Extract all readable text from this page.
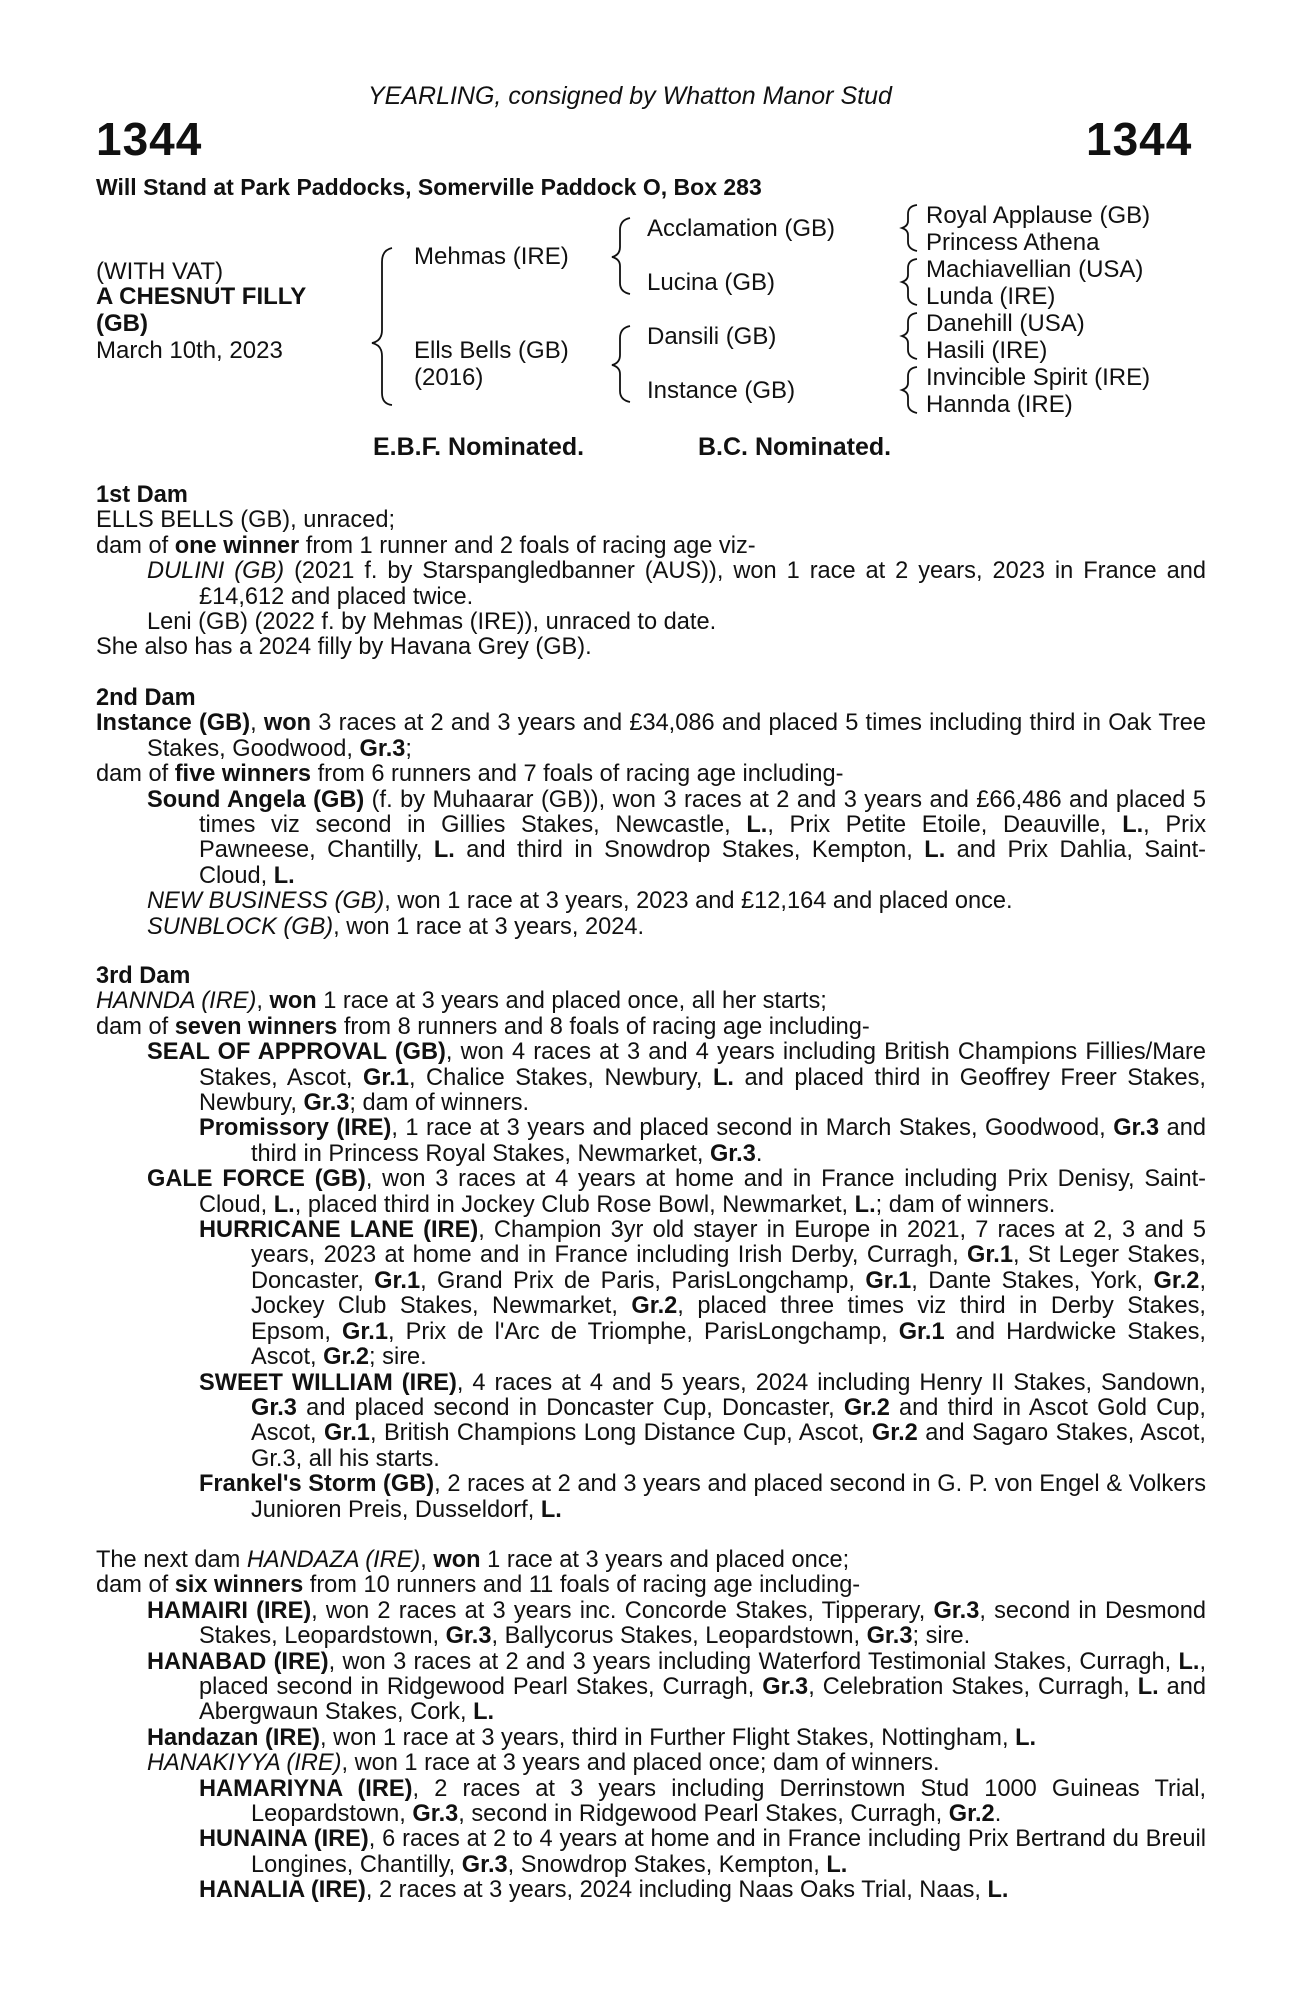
YEARLING, consigned by Whatton Manor Stud
1344	1344
Will Stand at Park Paddocks, Somerville Paddock O, Box 283
(WITH VAT)
A CHESNUT FILLY
(GB)
March 10th, 2023
Mehmas (IRE)
Ells Bells (GB)
(2016)
Acclamation (GB)
Lucina (GB)
Dansili (GB)
Instance (GB)
Royal Applause (GB)
Princess Athena
Machiavellian (USA)
Lunda (IRE)
Danehill (USA)
Hasili (IRE)
Invincible Spirit (IRE)
Hannda (IRE)
E.B.F. Nominated.	B.C. Nominated.

1st Dam

ELLS BELLS (GB), unraced;

dam of one winner from 1 runner and 2 foals of racing age viz-

DULINI (GB) (2021 f. by Starspangledbanner (AUS)), won 1 race at 2 years, 2023 in France and £14,612 and placed twice.

Leni (GB) (2022 f. by Mehmas (IRE)), unraced to date.

She also has a 2024 filly by Havana Grey (GB).

2nd Dam

Instance (GB), won 3 races at 2 and 3 years and £34,086 and placed 5 times including third in Oak Tree Stakes, Goodwood, Gr.3;

dam of five winners from 6 runners and 7 foals of racing age including-

Sound Angela (GB) (f. by Muhaarar (GB)), won 3 races at 2 and 3 years and £66,486 and placed 5 times viz second in Gillies Stakes, Newcastle, L., Prix Petite Etoile, Deauville, L., Prix Pawneese, Chantilly, L. and third in Snowdrop Stakes, Kempton, L. and Prix Dahlia, Saint-Cloud, L.

NEW BUSINESS (GB), won 1 race at 3 years, 2023 and £12,164 and placed once.

SUNBLOCK (GB), won 1 race at 3 years, 2024.

3rd Dam

HANNDA (IRE), won 1 race at 3 years and placed once, all her starts;

dam of seven winners from 8 runners and 8 foals of racing age including-

SEAL OF APPROVAL (GB), won 4 races at 3 and 4 years including British Champions Fillies/Mare Stakes, Ascot, Gr.1, Chalice Stakes, Newbury, L. and placed third in Geoffrey Freer Stakes, Newbury, Gr.3; dam of winners.

Promissory (IRE), 1 race at 3 years and placed second in March Stakes, Goodwood, Gr.3 and third in Princess Royal Stakes, Newmarket, Gr.3.

GALE FORCE (GB), won 3 races at 4 years at home and in France including Prix Denisy, Saint-Cloud, L., placed third in Jockey Club Rose Bowl, Newmarket, L.; dam of winners.

HURRICANE LANE (IRE), Champion 3yr old stayer in Europe in 2021, 7 races at 2, 3 and 5 years, 2023 at home and in France including Irish Derby, Curragh, Gr.1, St Leger Stakes, Doncaster, Gr.1, Grand Prix de Paris, ParisLongchamp, Gr.1, Dante Stakes, York, Gr.2, Jockey Club Stakes, Newmarket, Gr.2, placed three times viz third in Derby Stakes, Epsom, Gr.1, Prix de l'Arc de Triomphe, ParisLongchamp, Gr.1 and Hardwicke Stakes, Ascot, Gr.2; sire.

SWEET WILLIAM (IRE), 4 races at 4 and 5 years, 2024 including Henry II Stakes, Sandown, Gr.3 and placed second in Doncaster Cup, Doncaster, Gr.2 and third in Ascot Gold Cup, Ascot, Gr.1, British Champions Long Distance Cup, Ascot, Gr.2 and Sagaro Stakes, Ascot, Gr.3, all his starts.

Frankel's Storm (GB), 2 races at 2 and 3 years and placed second in G. P. von Engel & Volkers Junioren Preis, Dusseldorf, L.

The next dam HANDAZA (IRE), won 1 race at 3 years and placed once;

dam of six winners from 10 runners and 11 foals of racing age including-

HAMAIRI (IRE), won 2 races at 3 years inc. Concorde Stakes, Tipperary, Gr.3, second in Desmond Stakes, Leopardstown, Gr.3, Ballycorus Stakes, Leopardstown, Gr.3; sire.

HANABAD (IRE), won 3 races at 2 and 3 years including Waterford Testimonial Stakes, Curragh, L., placed second in Ridgewood Pearl Stakes, Curragh, Gr.3, Celebration Stakes, Curragh, L. and Abergwaun Stakes, Cork, L.

Handazan (IRE), won 1 race at 3 years, third in Further Flight Stakes, Nottingham, L.

HANAKIYYA (IRE), won 1 race at 3 years and placed once; dam of winners.

HAMARIYNA (IRE), 2 races at 3 years including Derrinstown Stud 1000 Guineas Trial, Leopardstown, Gr.3, second in Ridgewood Pearl Stakes, Curragh, Gr.2.

HUNAINA (IRE), 6 races at 2 to 4 years at home and in France including Prix Bertrand du Breuil Longines, Chantilly, Gr.3, Snowdrop Stakes, Kempton, L.

HANALIA (IRE), 2 races at 3 years, 2024 including Naas Oaks Trial, Naas, L.
